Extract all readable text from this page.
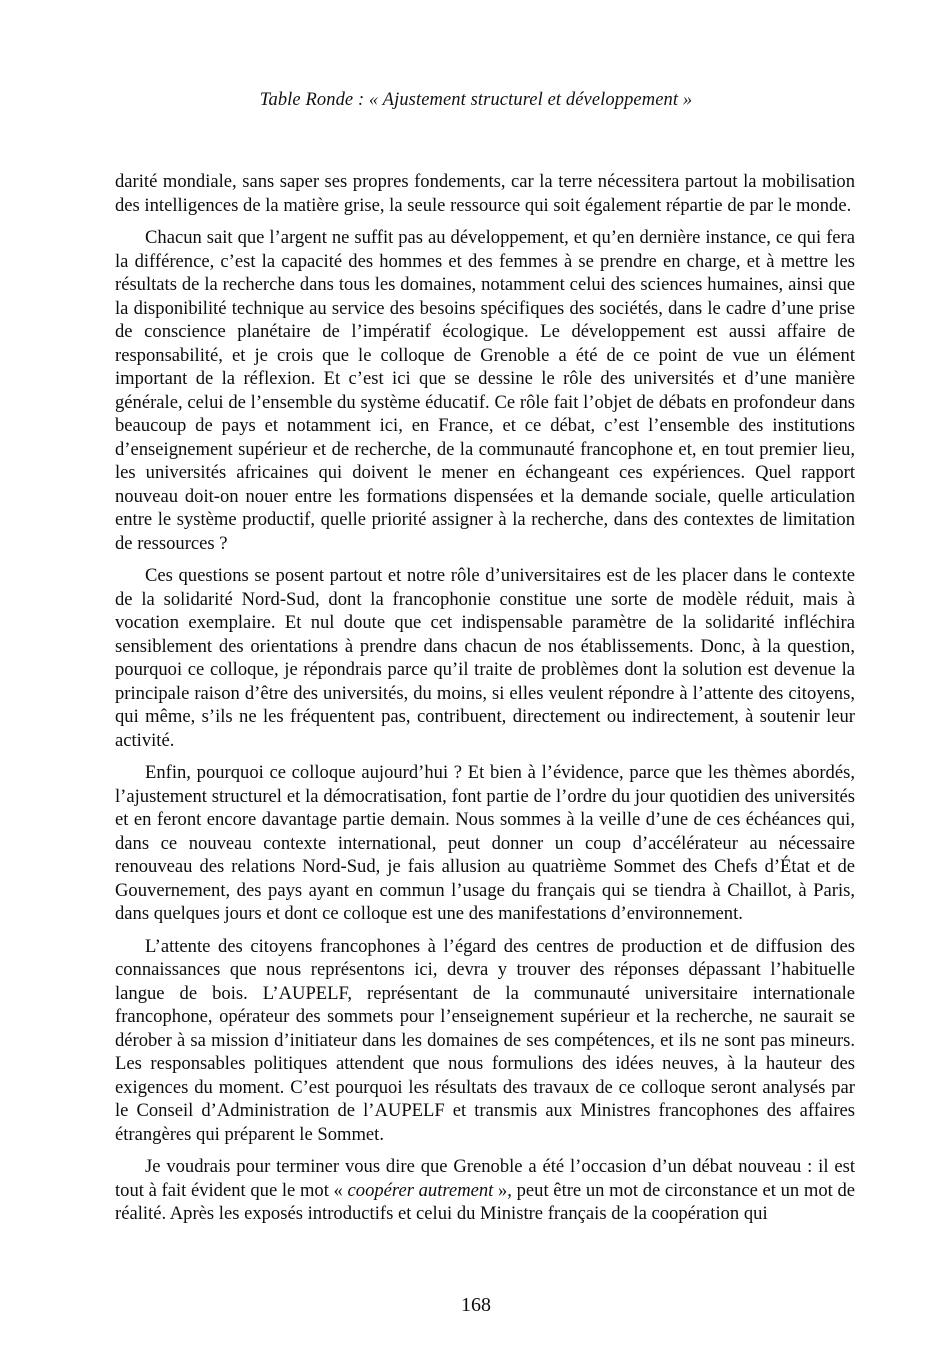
Table Ronde : « Ajustement structurel et développement »

darité mondiale, sans saper ses propres fondements, car la terre nécessitera partout la mobilisation des intelligences de la matière grise, la seule ressource qui soit également répartie de par le monde.

Chacun sait que l’argent ne suffit pas au développement, et qu’en dernière instance, ce qui fera la différence, c’est la capacité des hommes et des femmes à se prendre en charge, et à mettre les résultats de la recherche dans tous les domaines, notamment celui des sciences humaines, ainsi que la disponibilité technique au service des besoins spécifiques des sociétés, dans le cadre d’une prise de conscience planétaire de l’impératif écologique. Le développement est aussi affaire de responsabilité, et je crois que le colloque de Grenoble a été de ce point de vue un élément important de la réflexion. Et c’est ici que se dessine le rôle des universités et d’une manière générale, celui de l’ensemble du système éducatif. Ce rôle fait l’objet de débats en profondeur dans beaucoup de pays et notamment ici, en France, et ce débat, c’est l’ensemble des institutions d’enseignement supérieur et de recherche, de la communauté francophone et, en tout premier lieu, les universités africaines qui doivent le mener en échangeant ces expériences. Quel rapport nouveau doit-on nouer entre les formations dispensées et la demande sociale, quelle articulation entre le système productif, quelle priorité assigner à la recherche, dans des contextes de limitation de ressources ?

Ces questions se posent partout et notre rôle d’universitaires est de les placer dans le contexte de la solidarité Nord-Sud, dont la francophonie constitue une sorte de modèle réduit, mais à vocation exemplaire. Et nul doute que cet indispensable paramètre de la solidarité infléchira sensiblement des orientations à prendre dans chacun de nos établissements. Donc, à la question, pourquoi ce colloque, je répondrais parce qu’il traite de problèmes dont la solution est devenue la principale raison d’être des universités, du moins, si elles veulent répondre à l’attente des citoyens, qui même, s’ils ne les fréquentent pas, contribuent, directement ou indirectement, à soutenir leur activité.

Enfin, pourquoi ce colloque aujourd’hui ? Et bien à l’évidence, parce que les thèmes abordés, l’ajustement structurel et la démocratisation, font partie de l’ordre du jour quotidien des universités et en feront encore davantage partie demain. Nous sommes à la veille d’une de ces échéances qui, dans ce nouveau contexte international, peut donner un coup d’accélérateur au nécessaire renouveau des relations Nord-Sud, je fais allusion au quatrième Sommet des Chefs d’État et de Gouvernement, des pays ayant en commun l’usage du français qui se tiendra à Chaillot, à Paris, dans quelques jours et dont ce colloque est une des manifestations d’environnement.

L’attente des citoyens francophones à l’égard des centres de production et de diffusion des connaissances que nous représentons ici, devra y trouver des réponses dépassant l’habituelle langue de bois. L’AUPELF, représentant de la communauté universitaire internationale francophone, opérateur des sommets pour l’enseignement supérieur et la recherche, ne saurait se dérober à sa mission d’initiateur dans les domaines de ses compétences, et ils ne sont pas mineurs. Les responsables politiques attendent que nous formulions des idées neuves, à la hauteur des exigences du moment. C’est pourquoi les résultats des travaux de ce colloque seront analysés par le Conseil d’Administration de l’AUPELF et transmis aux Ministres francophones des affaires étrangères qui préparent le Sommet.

Je voudrais pour terminer vous dire que Grenoble a été l’occasion d’un débat nouveau : il est tout à fait évident que le mot « coopérer autrement », peut être un mot de circonstance et un mot de réalité. Après les exposés introductifs et celui du Ministre français de la coopération qui

168
